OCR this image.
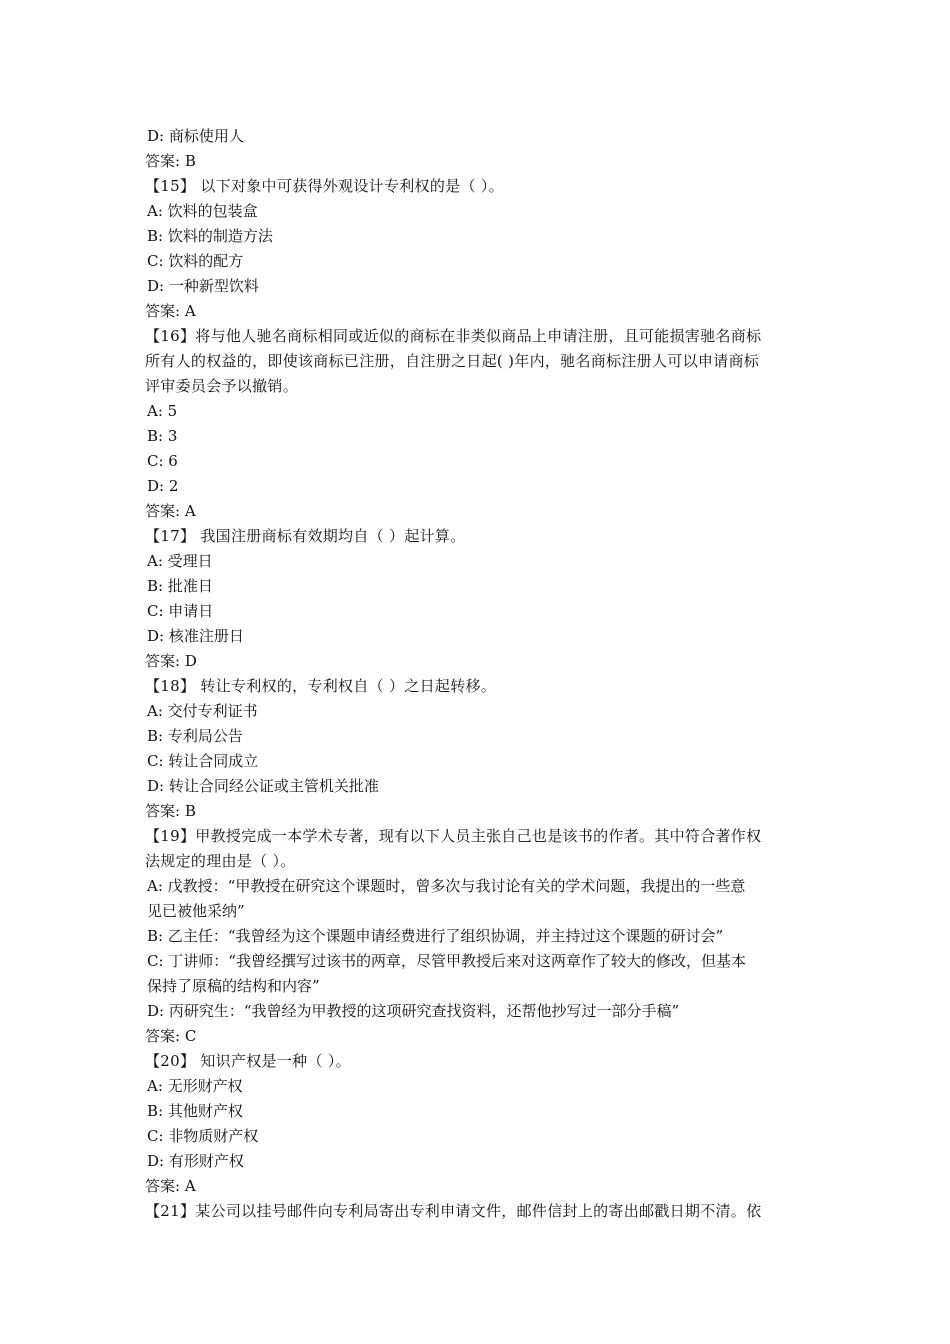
D: 商标使用人
答案: B
【15】 以下对象中可获得外观设计专利权的是（ ）。
A: 饮料的包装盒
B: 饮料的制造方法
C: 饮料的配方
D: 一种新型饮料
答案: A
【16】将与他人驰名商标相同或近似的商标在非类似商品上申请注册，且可能损害驰名商标
所有人的权益的，即使该商标已注册，自注册之日起( )年内，驰名商标注册人可以申请商标
评审委员会予以撤销。
A: 5
B: 3
C: 6
D: 2
答案: A
【17】 我国注册商标有效期均自（ ）起计算。
A: 受理日
B: 批准日
C: 申请日
D: 核准注册日
答案: D
【18】 转让专利权的，专利权自（ ）之日起转移。
A: 交付专利证书
B: 专利局公告
C: 转让合同成立
D: 转让合同经公证或主管机关批准
答案: B
【19】甲教授完成一本学术专著，现有以下人员主张自己也是该书的作者。其中符合著作权
法规定的理由是（ ）。
A: 戊教授：“甲教授在研究这个课题时，曾多次与我讨论有关的学术问题，我提出的一些意
见已被他采纳”
B: 乙主任：“我曾经为这个课题申请经费进行了组织协调，并主持过这个课题的研讨会”
C: 丁讲师：“我曾经撰写过该书的两章，尽管甲教授后来对这两章作了较大的修改，但基本
保持了原稿的结构和内容”
D: 丙研究生：“我曾经为甲教授的这项研究查找资料，还帮他抄写过一部分手稿”
答案: C
【20】 知识产权是一种（ ）。
A: 无形财产权
B: 其他财产权
C: 非物质财产权
D: 有形财产权
答案: A
【21】某公司以挂号邮件向专利局寄出专利申请文件，邮件信封上的寄出邮戳日期不清。依
